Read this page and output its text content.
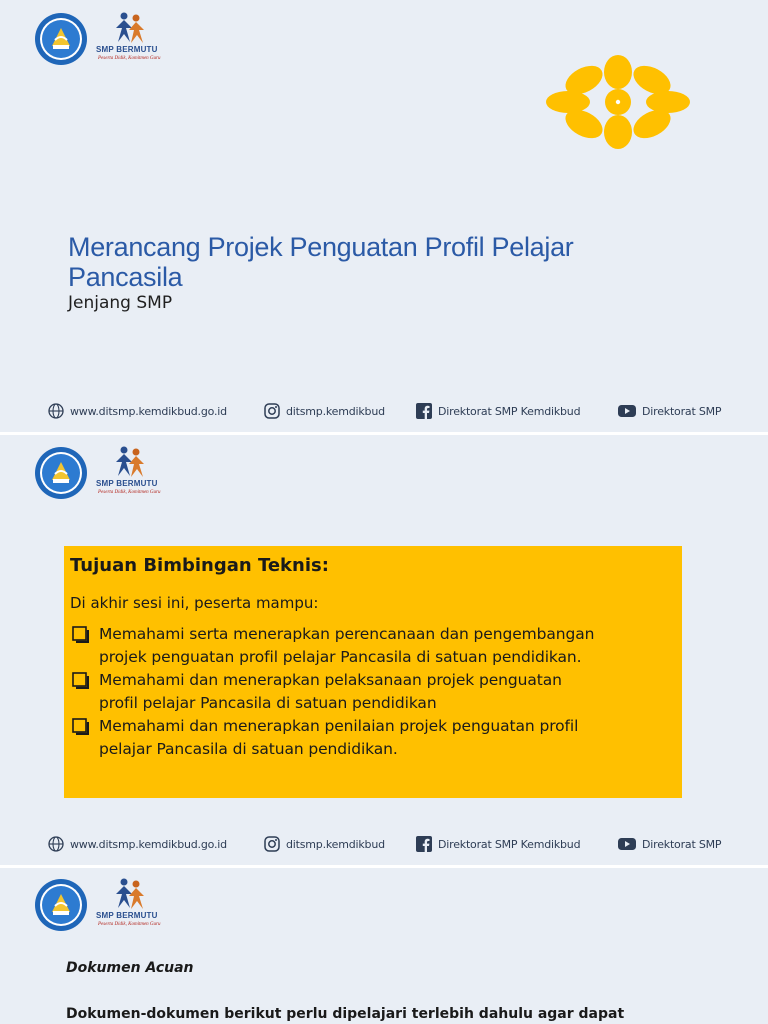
SMP BERMUTU
Peserta Didik, Komitmen Guru
Merancang Projek Penguatan Profil Pelajar
Pancasila
Jenjang SMP
www.ditsmp.kemdikbud.go.id	ditsmp.kemdikbud	Direktorat SMP Kemdikbud	Direktorat SMP
SMP BERMUTU
Peserta Didik, Komitmen Guru
Tujuan Bimbingan Teknis:
Di akhir sesi ini, peserta mampu:
Memahami serta menerapkan perencanaan dan pengembangan
projek penguatan profil pelajar Pancasila di satuan pendidikan.
Memahami dan menerapkan pelaksanaan projek penguatan
profil pelajar Pancasila di satuan pendidikan
Memahami dan menerapkan penilaian projek penguatan profil
pelajar Pancasila di satuan pendidikan.
www.ditsmp.kemdikbud.go.id	ditsmp.kemdikbud	Direktorat SMP Kemdikbud	Direktorat SMP
SMP BERMUTU
Peserta Didik, Komitmen Guru
Dokumen Acuan
Dokumen-dokumen berikut perlu dipelajari terlebih dahulu agar dapat
